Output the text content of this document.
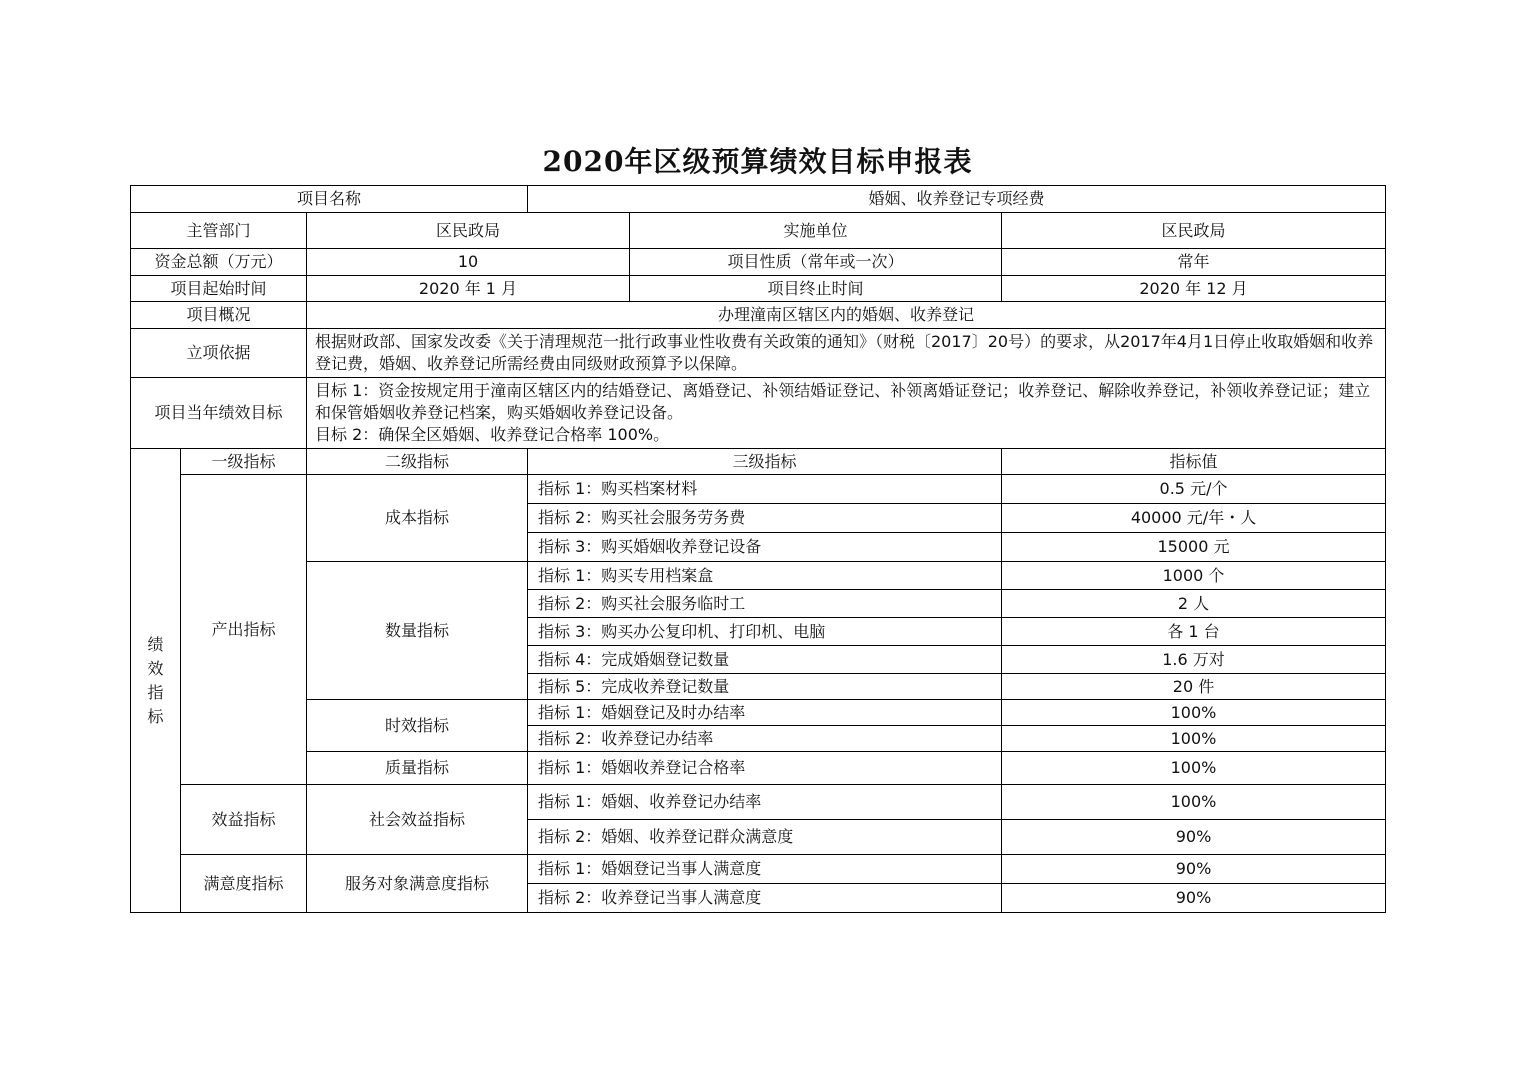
2020年区级预算绩效目标申报表
项目名称			婚姻、收养登记专项经费		
主管部门		区民政局		实施单位	区民政局
资金总额（万元）		10		项目性质（常年或一次）	常年
项目起始时间		2020 年 1 月		项目终止时间	2020 年 12 月
项目概况		办理潼南区辖区内的婚姻、收养登记			
立项依据		根据财政部、国家发改委《关于清理规范一批行政事业性收费有关政策的通知》（财税〔2017〕20号）的要求，从2017年4月1日停止收取婚姻和收养登记费，婚姻、收养登记所需经费由同级财政预算予以保障。			
项目当年绩效目标		目标 1：资金按规定用于潼南区辖区内的结婚登记、离婚登记、补领结婚证登记、补领离婚证登记；收养登记、解除收养登记，补领收养登记证；建立和保管婚姻收养登记档案，购买婚姻收养登记设备。
目标 2：确保全区婚姻、收养登记合格率 100%。			

绩效指标	一级指标	二级指标	三级指标		指标值
	产出指标	成本指标	指标 1：购买档案材料		0.5 元/个
			指标 2：购买社会服务劳务费		40000 元/年・人
			指标 3：购买婚姻收养登记设备		15000 元
		数量指标	指标 1：购买专用档案盒		1000 个
			指标 2：购买社会服务临时工		2 人
			指标 3：购买办公复印机、打印机、电脑		各 1 台
			指标 4：完成婚姻登记数量		1.6 万对
			指标 5：完成收养登记数量		20 件
		时效指标	指标 1：婚姻登记及时办结率		100%
			指标 2：收养登记办结率		100%
		质量指标	指标 1：婚姻收养登记合格率		100%
	效益指标	社会效益指标	指标 1：婚姻、收养登记办结率		100%
			指标 2：婚姻、收养登记群众满意度		90%
	满意度指标	服务对象满意度指标	指标 1：婚姻登记当事人满意度		90%
			指标 2：收养登记当事人满意度		90%
